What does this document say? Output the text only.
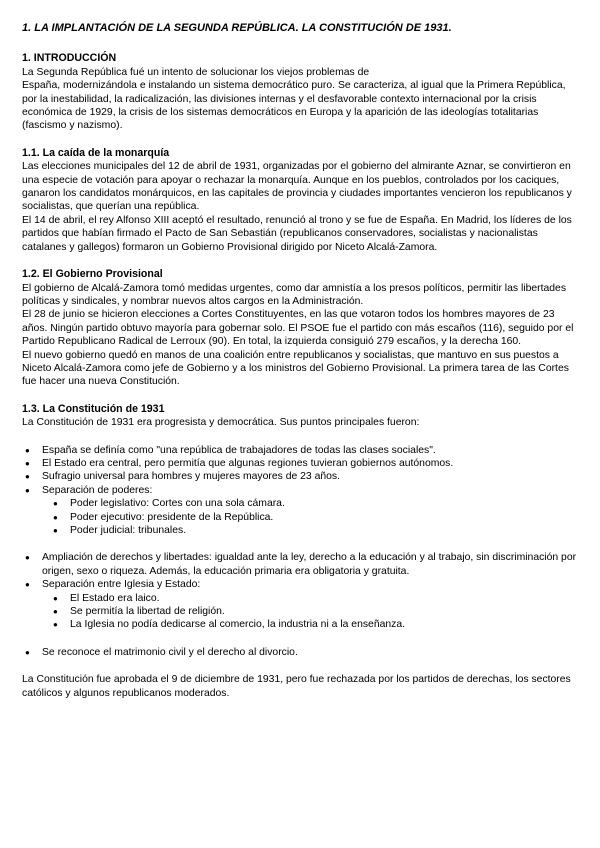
1. LA IMPLANTACIÓN DE LA SEGUNDA REPÚBLICA. LA CONSTITUCIÓN DE 1931.

1. INTRODUCCIÓN

La Segunda República fué un intento de solucionar los viejos problemas de

España, modernizándola e instalando un sistema democrático puro. Se caracteriza, al igual que la Primera República, por la inestabilidad, la radicalización, las divisiones internas y el desfavorable contexto internacional por la crisis económica de 1929, la crisis de los sistemas democráticos en Europa y la aparición de las ideologías totalitarias (fascismo y nazismo).

1.1. La caída de la monarquía

Las elecciones municipales del 12 de abril de 1931, organizadas por el gobierno del almirante Aznar, se convirtieron en una especie de votación para apoyar o rechazar la monarquía. Aunque en los pueblos, controlados por los caciques, ganaron los candidatos monárquicos, en las capitales de provincia y ciudades importantes vencieron los republicanos y socialistas, que querían una república.

El 14 de abril, el rey Alfonso XIII aceptó el resultado, renunció al trono y se fue de España. En Madrid, los líderes de los partidos que habían firmado el Pacto de San Sebastián (republicanos conservadores, socialistas y nacionalistas catalanes y gallegos) formaron un Gobierno Provisional dirigido por Niceto Alcalá-Zamora.

1.2. El Gobierno Provisional

El gobierno de Alcalá-Zamora tomó medidas urgentes, como dar amnistía a los presos políticos, permitir las libertades políticas y sindicales, y nombrar nuevos altos cargos en la Administración.

El 28 de junio se hicieron elecciones a Cortes Constituyentes, en las que votaron todos los hombres mayores de 23 años. Ningún partido obtuvo mayoría para gobernar solo. El PSOE fue el partido con más escaños (116), seguido por el Partido Republicano Radical de Lerroux (90). En total, la izquierda consiguió 279 escaños, y la derecha 160.

El nuevo gobierno quedó en manos de una coalición entre republicanos y socialistas, que mantuvo en sus puestos a Niceto Alcalá-Zamora como jefe de Gobierno y a los ministros del Gobierno Provisional. La primera tarea de las Cortes fue hacer una nueva Constitución.

1.3. La Constitución de 1931

La Constitución de 1931 era progresista y democrática. Sus puntos principales fueron:

● España se definía como "una república de trabajadores de todas las clases sociales".
● El Estado era central, pero permitía que algunas regiones tuvieran gobiernos autónomos.
● Sufragio universal para hombres y mujeres mayores de 23 años.
● Separación de poderes:
● Poder legislativo: Cortes con una sola cámara.
● Poder ejecutivo: presidente de la República.
● Poder judicial: tribunales.
● Ampliación de derechos y libertades: igualdad ante la ley, derecho a la educación y al trabajo, sin discriminación por origen, sexo o riqueza. Además, la educación primaria era obligatoria y gratuita.
● Separación entre Iglesia y Estado:
● El Estado era laico.
● Se permitía la libertad de religión.
● La Iglesia no podía dedicarse al comercio, la industria ni a la enseñanza.
● Se reconoce el matrimonio civil y el derecho al divorcio.

La Constitución fue aprobada el 9 de diciembre de 1931, pero fue rechazada por los partidos de derechas, los sectores católicos y algunos republicanos moderados.
